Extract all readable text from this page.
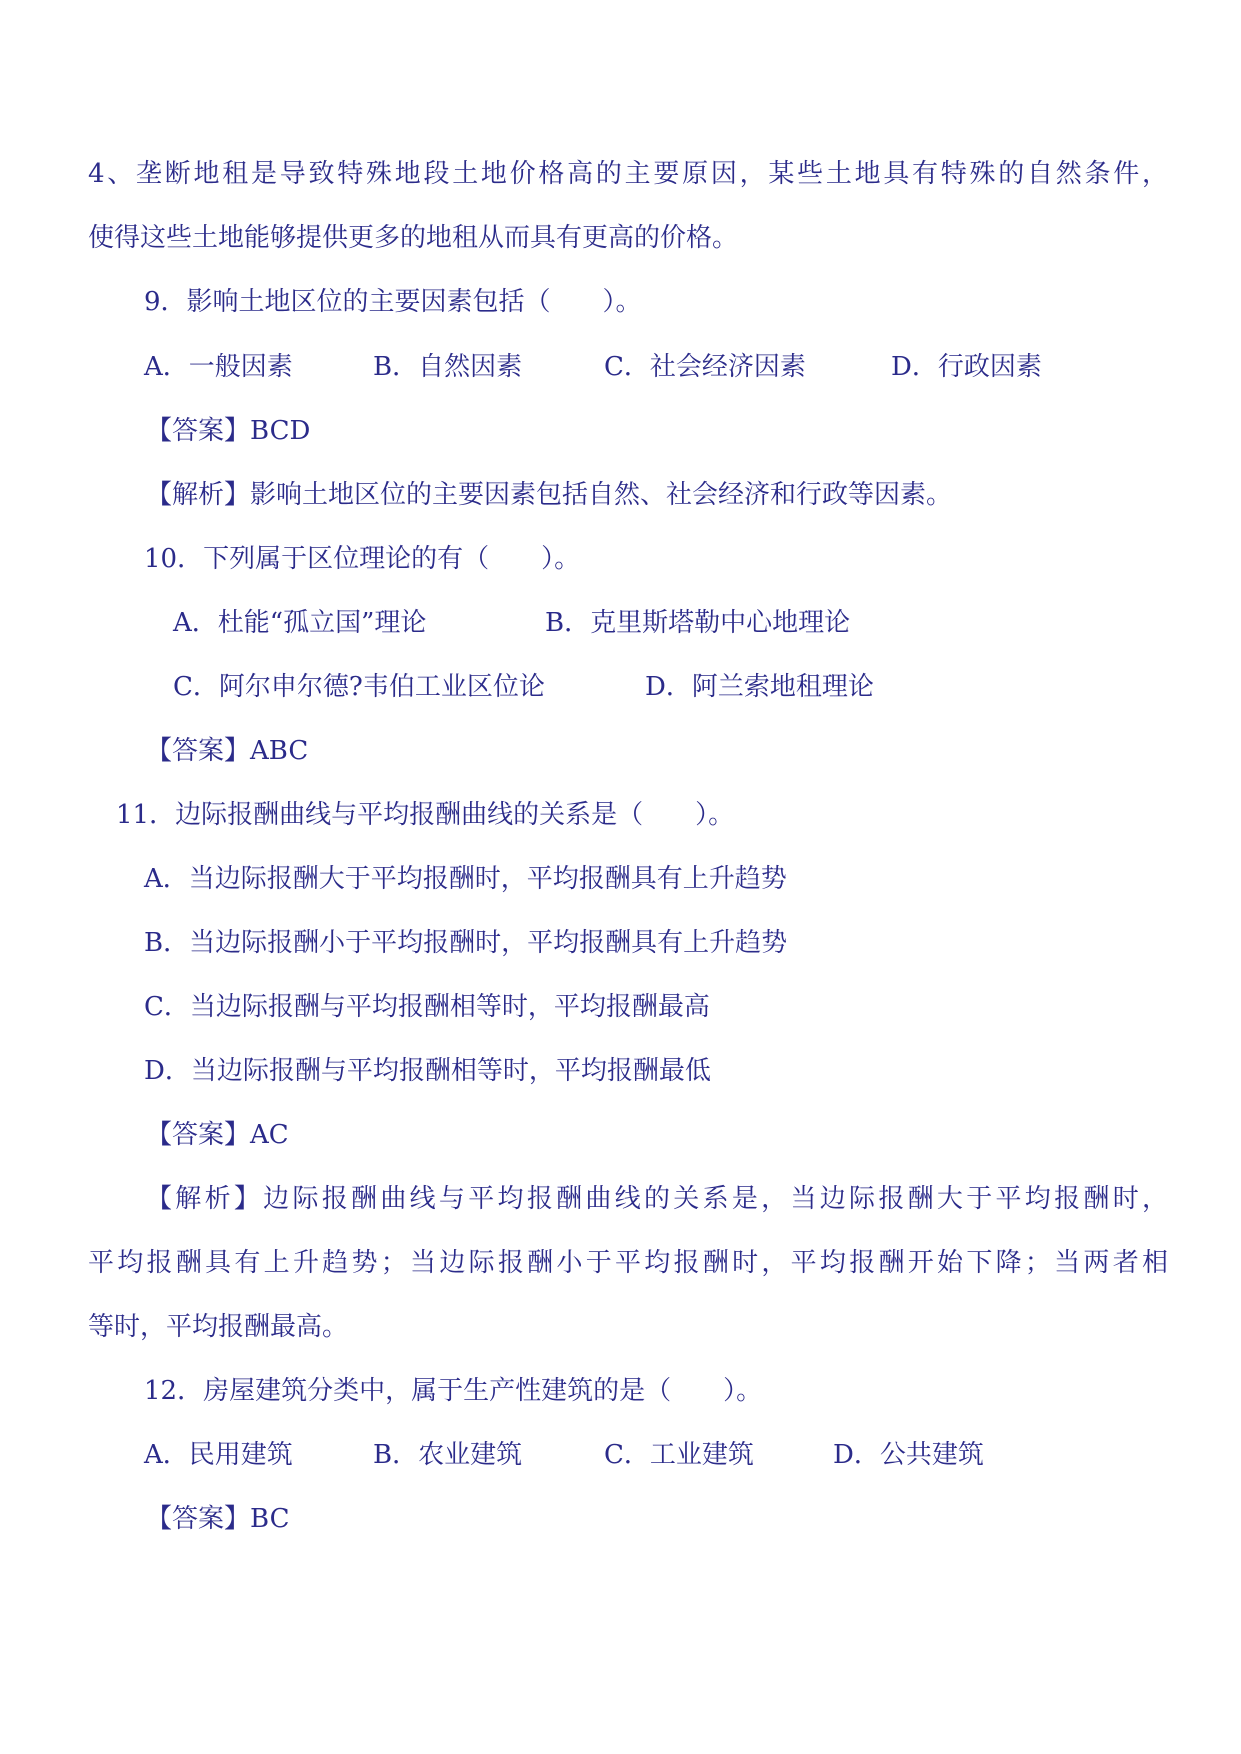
4、垄断地租是导致特殊地段土地价格高的主要原因，某些土地具有特殊的自然条件，
使得这些土地能够提供更多的地租从而具有更高的价格。
9．影响土地区位的主要因素包括（　　）。
A．一般因素	B．自然因素	C．社会经济因素	D．行政因素
【答案】BCD
【解析】影响土地区位的主要因素包括自然、社会经济和行政等因素。
10．下列属于区位理论的有（　　）。
A．杜能“孤立国”理论	B．克里斯塔勒中心地理论
C．阿尔申尔德?韦伯工业区位论	D．阿兰索地租理论
【答案】ABC
11．边际报酬曲线与平均报酬曲线的关系是（　　）。
A．当边际报酬大于平均报酬时，平均报酬具有上升趋势
B．当边际报酬小于平均报酬时，平均报酬具有上升趋势
C．当边际报酬与平均报酬相等时，平均报酬最高
D．当边际报酬与平均报酬相等时，平均报酬最低
【答案】AC
【解析】边际报酬曲线与平均报酬曲线的关系是，当边际报酬大于平均报酬时，
平均报酬具有上升趋势；当边际报酬小于平均报酬时，平均报酬开始下降；当两者相
等时，平均报酬最高。
12．房屋建筑分类中，属于生产性建筑的是（　　）。
A．民用建筑	B．农业建筑	C．工业建筑	D．公共建筑
【答案】BC
